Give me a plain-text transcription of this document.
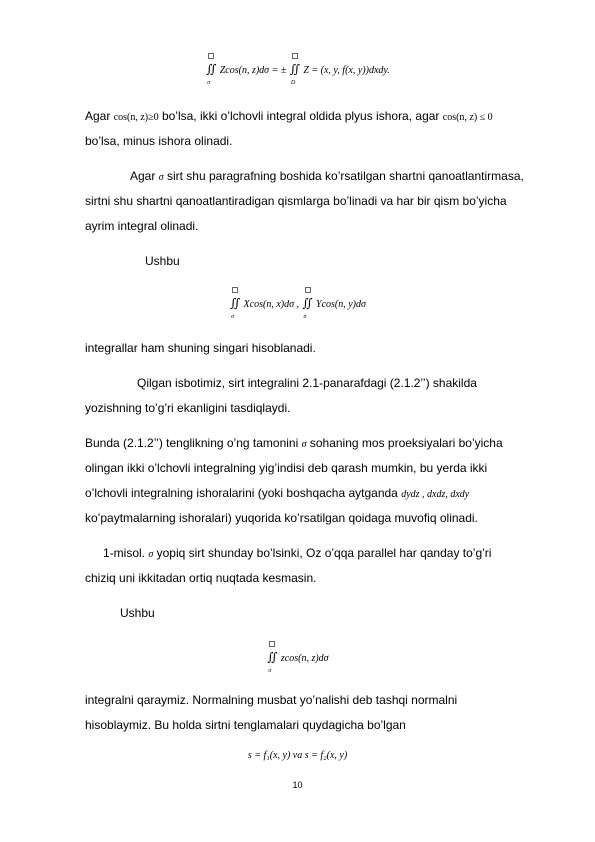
∬
σ
Zcos(n, z)dσ = ±
∬
D
Z = (x, y, f(x, y))dxdy.
Agar cos(n, z)≥0 bo’lsa, ikki o’lchovli integral oldida plyus ishora, agar cos(n, z) ≤ 0
bo’lsa, minus ishora olinadi.
Agar σ sirt shu paragrafning boshida ko’rsatilgan shartni qanoatlantirmasa,
sirtni shu shartni qanoatlantiradigan qismlarga bo’linadi va har bir qism bo’yicha
ayrim integral olinadi.
Ushbu
∬
σ
Xcos(n, x)dσ , ∬
σ
Ycos(n, y)dσ
integrallar ham shuning singari hisoblanadi.
Qilgan isbotimiz, sirt integralini 2.1-panarafdagi (2.1.2’’) shakilda
yozishning to’g’ri ekanligini tasdiqlaydi.
Bunda (2.1.2’’) tenglikning o’ng tamonini σ sohaning mos proeksiyalari bo’yicha
olingan ikki o’lchovli integralning yig’indisi deb qarash mumkin, bu yerda ikki
o’lchovli integralning ishoralarini (yoki boshqacha aytganda dydz , dxdz, dxdy
ko’paytmalarning ishoralari) yuqorida ko’rsatilgan qoidaga muvofiq olinadi.
1-misol. σ yopiq sirt shunday bo’lsinki, Oz o’qqa parallel har qanday to’g’ri
chiziq uni ikkitadan ortiq nuqtada kesmasin.
Ushbu
∬
σ
zcos(n, z)dσ
integralni qaraymiz. Normalning musbat yo’nalishi deb tashqi normalni
hisoblaymiz. Bu holda sirtni tenglamalari quydagicha bo’lgan
s = f₁(x, y) va s = f₂(x, y)
10
